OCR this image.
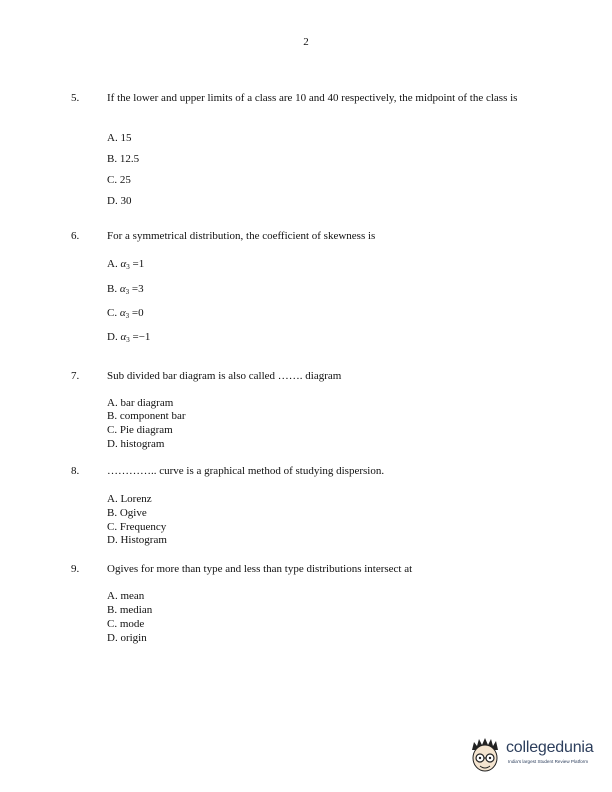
2
5.	If the lower and upper limits of a class are 10 and 40 respectively, the midpoint of the class is
A. 15
B. 12.5
C. 25
D. 30
6.	For a symmetrical distribution, the coefficient of skewness is
A. $\alpha_3 =1$
B. $\alpha_3 =3$
C. $\alpha_3 =0$
D. $\alpha_3 =-1$
7.	Sub divided bar diagram is also called ……. diagram
A. bar diagram
B. component bar
C. Pie diagram
D. histogram
8.	………….. curve is a graphical method of studying dispersion.
A. Lorenz
B. Ogive
C. Frequency
D. Histogram
9.	Ogives for more than type and less than type distributions intersect at
A. mean
B. median
C. mode
D. origin
collegedunia
India's largest Student Review Platform
